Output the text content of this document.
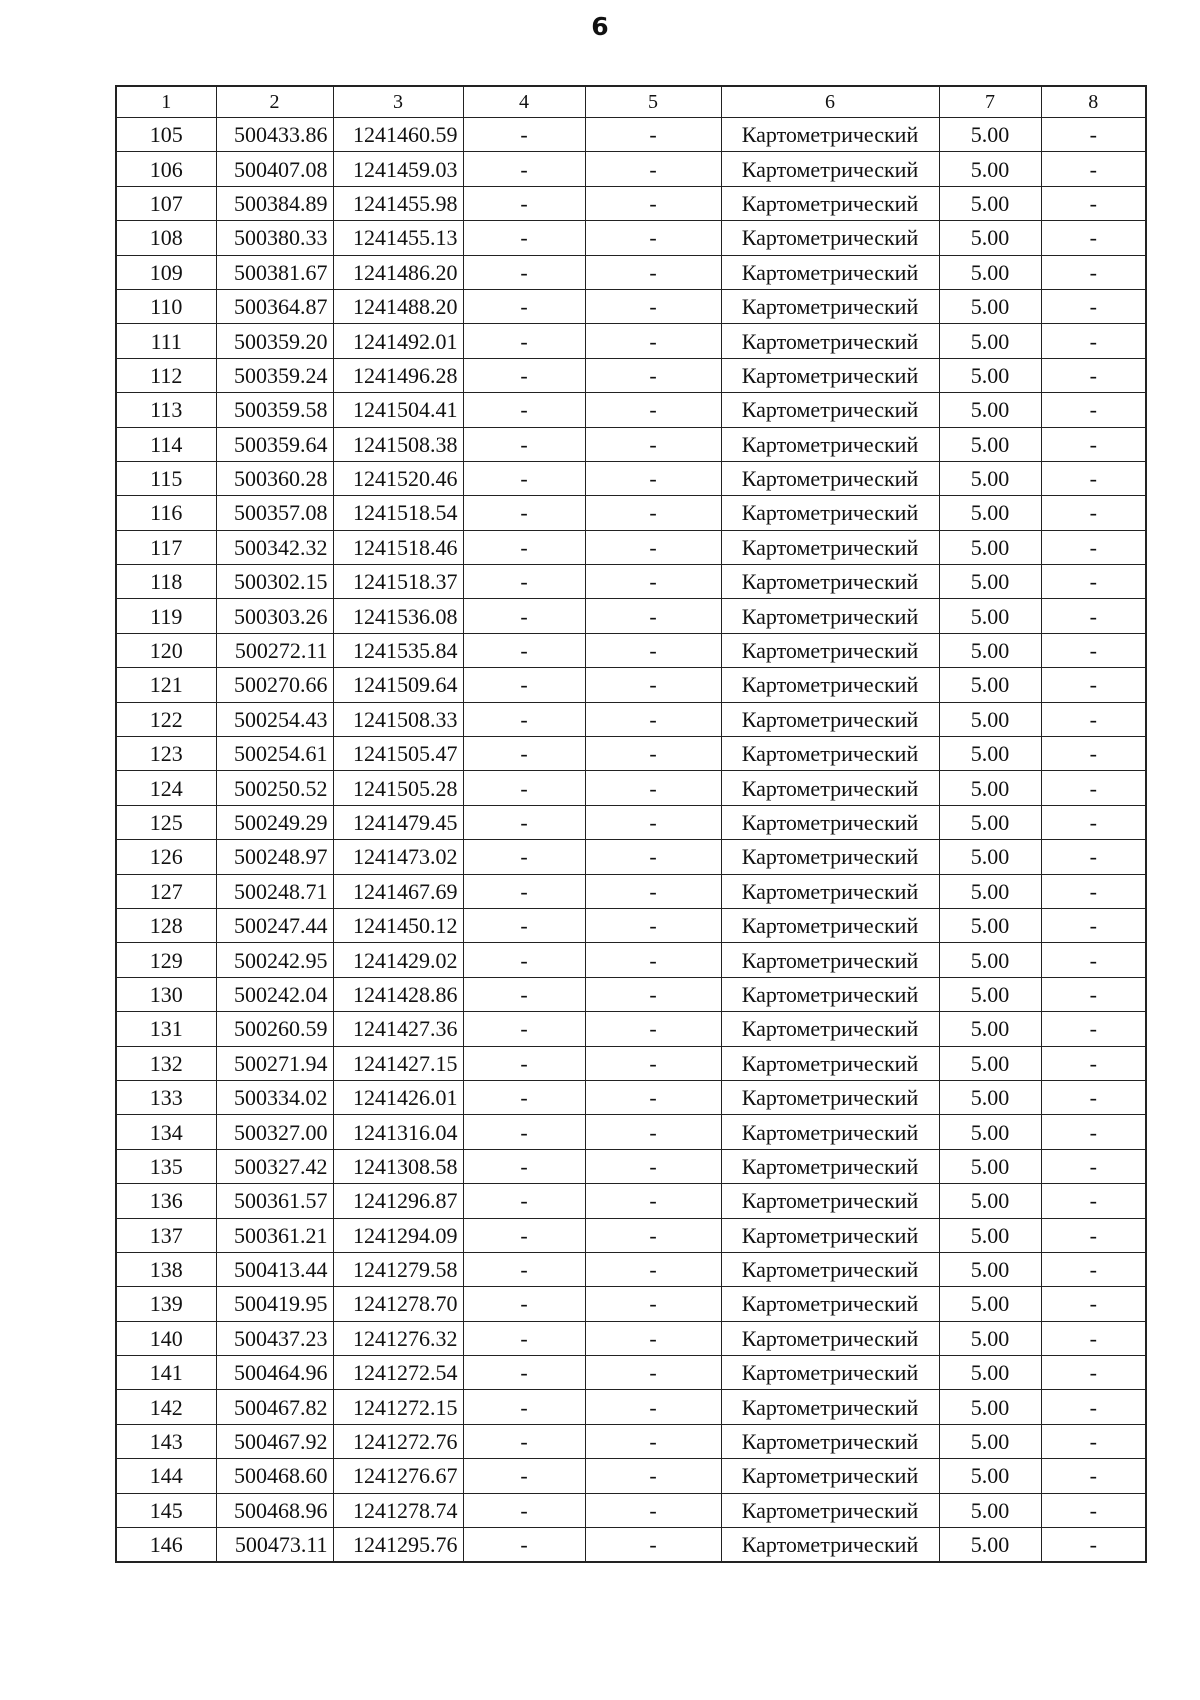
6
1	2	3	4	5	6	7	8
105	500433.86	1241460.59	-	-	Картометрический	5.00	-
106	500407.08	1241459.03	-	-	Картометрический	5.00	-
107	500384.89	1241455.98	-	-	Картометрический	5.00	-
108	500380.33	1241455.13	-	-	Картометрический	5.00	-
109	500381.67	1241486.20	-	-	Картометрический	5.00	-
110	500364.87	1241488.20	-	-	Картометрический	5.00	-
111	500359.20	1241492.01	-	-	Картометрический	5.00	-
112	500359.24	1241496.28	-	-	Картометрический	5.00	-
113	500359.58	1241504.41	-	-	Картометрический	5.00	-
114	500359.64	1241508.38	-	-	Картометрический	5.00	-
115	500360.28	1241520.46	-	-	Картометрический	5.00	-
116	500357.08	1241518.54	-	-	Картометрический	5.00	-
117	500342.32	1241518.46	-	-	Картометрический	5.00	-
118	500302.15	1241518.37	-	-	Картометрический	5.00	-
119	500303.26	1241536.08	-	-	Картометрический	5.00	-
120	500272.11	1241535.84	-	-	Картометрический	5.00	-
121	500270.66	1241509.64	-	-	Картометрический	5.00	-
122	500254.43	1241508.33	-	-	Картометрический	5.00	-
123	500254.61	1241505.47	-	-	Картометрический	5.00	-
124	500250.52	1241505.28	-	-	Картометрический	5.00	-
125	500249.29	1241479.45	-	-	Картометрический	5.00	-
126	500248.97	1241473.02	-	-	Картометрический	5.00	-
127	500248.71	1241467.69	-	-	Картометрический	5.00	-
128	500247.44	1241450.12	-	-	Картометрический	5.00	-
129	500242.95	1241429.02	-	-	Картометрический	5.00	-
130	500242.04	1241428.86	-	-	Картометрический	5.00	-
131	500260.59	1241427.36	-	-	Картометрический	5.00	-
132	500271.94	1241427.15	-	-	Картометрический	5.00	-
133	500334.02	1241426.01	-	-	Картометрический	5.00	-
134	500327.00	1241316.04	-	-	Картометрический	5.00	-
135	500327.42	1241308.58	-	-	Картометрический	5.00	-
136	500361.57	1241296.87	-	-	Картометрический	5.00	-
137	500361.21	1241294.09	-	-	Картометрический	5.00	-
138	500413.44	1241279.58	-	-	Картометрический	5.00	-
139	500419.95	1241278.70	-	-	Картометрический	5.00	-
140	500437.23	1241276.32	-	-	Картометрический	5.00	-
141	500464.96	1241272.54	-	-	Картометрический	5.00	-
142	500467.82	1241272.15	-	-	Картометрический	5.00	-
143	500467.92	1241272.76	-	-	Картометрический	5.00	-
144	500468.60	1241276.67	-	-	Картометрический	5.00	-
145	500468.96	1241278.74	-	-	Картометрический	5.00	-
146	500473.11	1241295.76	-	-	Картометрический	5.00	-
